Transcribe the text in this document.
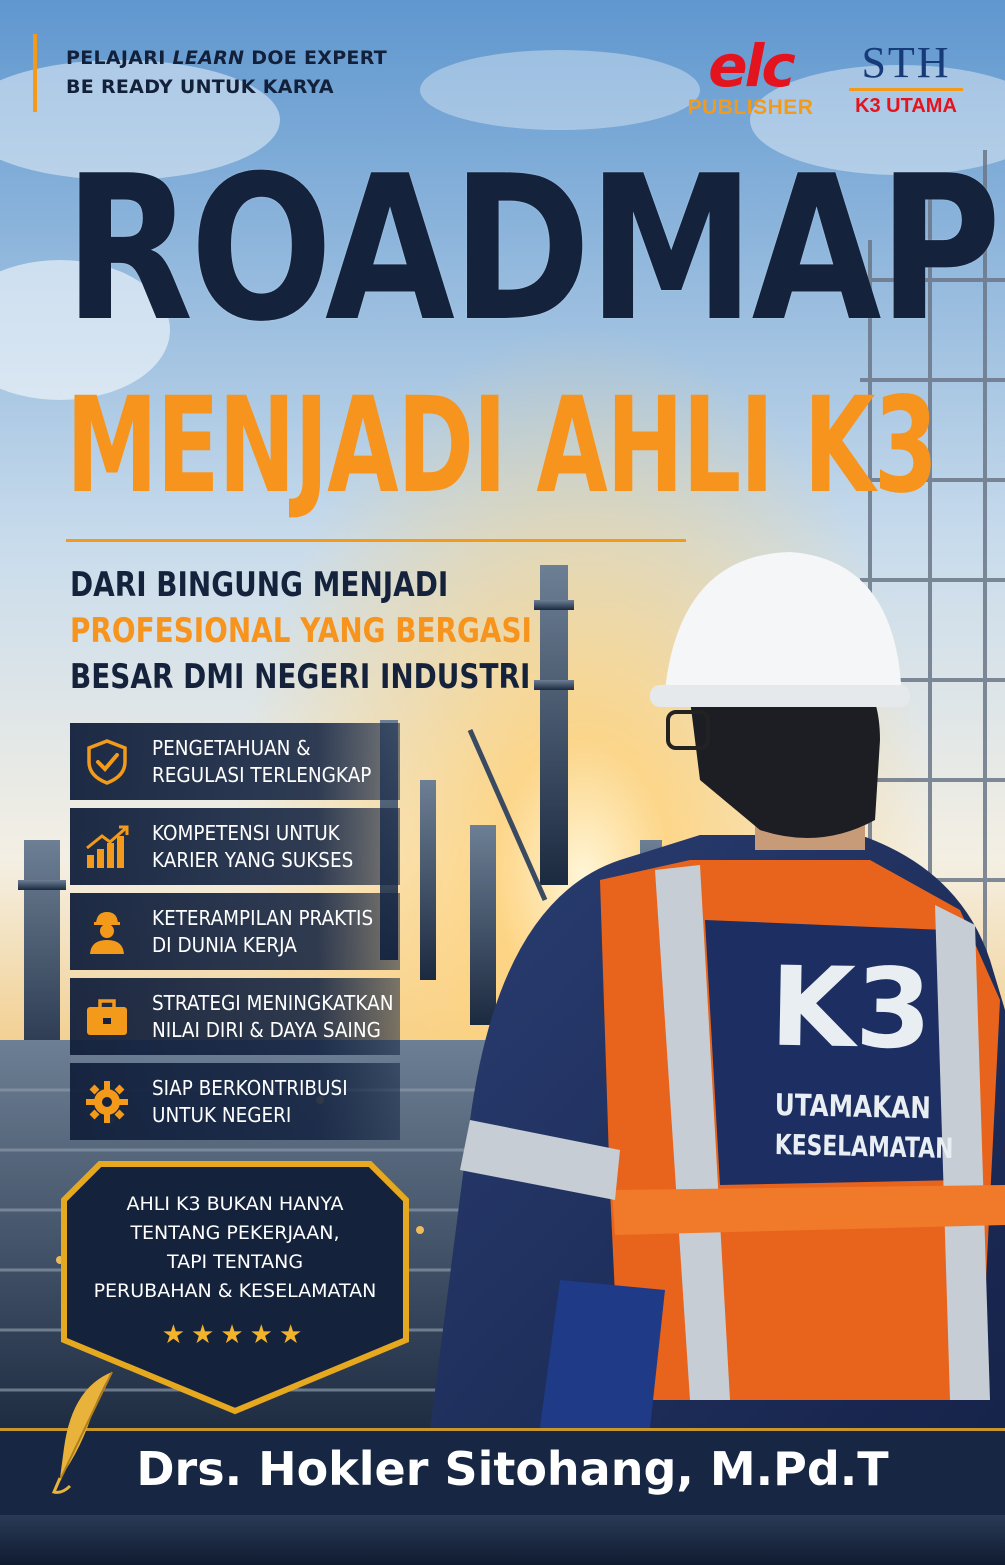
PELAJARI LEARN DOE EXPERT
BE READY UNTUK KARYA	elc
PUBLISHER
STH
K3 UTAMA
ROADMAP
MENJADI AHLI K3
DARI BINGUNG MENJADI
PROFESIONAL YANG BERGASI
BESAR DMI NEGERI INDUSTRI
PENGETAHUAN &
REGULASI TERLENGKAP
KOMPETENSI UNTUK
KARIER YANG SUKSES
KETERAMPILAN PRAKTIS
DI DUNIA KERJA
STRATEGI MENINGKATKAN
NILAI DIRI & DAYA SAING
SIAP BERKONTRIBUSI
UNTUK NEGERI
AHLI K3 BUKAN HANYA
TENTANG PEKERJAAN,
TAPI TENTANG
PERUBAHAN & KESELAMATAN
★★★★★
K3
UTAMAKAN
KESELAMATAN
Drs. Hokler Sitohang, M.Pd.T
